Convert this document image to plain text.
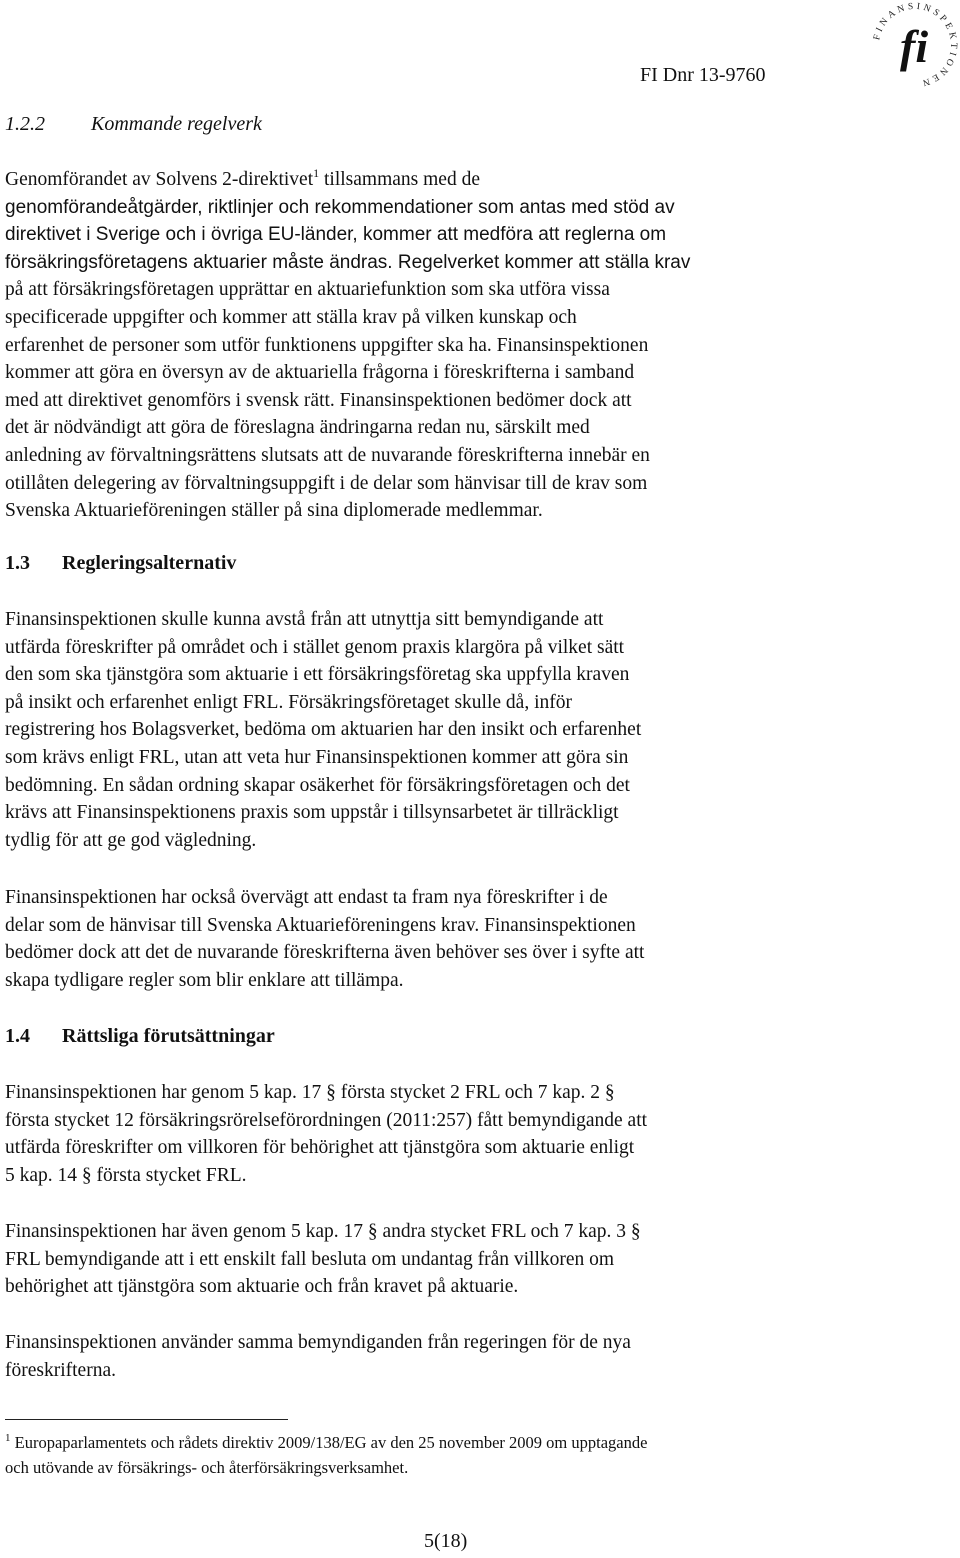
FI Dnr 13-9760
FINANSINSPEKTIONEN
fi
1.2.2 Kommande regelverk
Genomförandet av Solvens 2-direktivet$^1$ tillsammans med de
genomförandeåtgärder, riktlinjer och rekommendationer som antas med stöd av
direktivet i Sverige och i övriga EU-länder, kommer att medföra att reglerna om
försäkringsföretagens aktuarier måste ändras. Regelverket kommer att ställa krav
på att försäkringsföretagen upprättar en aktuariefunktion som ska utföra vissa
specificerade uppgifter och kommer att ställa krav på vilken kunskap och
erfarenhet de personer som utför funktionens uppgifter ska ha. Finansinspektionen
kommer att göra en översyn av de aktuariella frågorna i föreskrifterna i samband
med att direktivet genomförs i svensk rätt. Finansinspektionen bedömer dock att
det är nödvändigt att göra de föreslagna ändringarna redan nu, särskilt med
anledning av förvaltningsrättens slutsats att de nuvarande föreskrifterna innebär en
otillåten delegering av förvaltningsuppgift i de delar som hänvisar till de krav som
Svenska Aktuarieföreningen ställer på sina diplomerade medlemmar.
1.3 Regleringsalternativ
Finansinspektionen skulle kunna avstå från att utnyttja sitt bemyndigande att
utfärda föreskrifter på området och i stället genom praxis klargöra på vilket sätt
den som ska tjänstgöra som aktuarie i ett försäkringsföretag ska uppfylla kraven
på insikt och erfarenhet enligt FRL. Försäkringsföretaget skulle då, inför
registrering hos Bolagsverket, bedöma om aktuarien har den insikt och erfarenhet
som krävs enligt FRL, utan att veta hur Finansinspektionen kommer att göra sin
bedömning. En sådan ordning skapar osäkerhet för försäkringsföretagen och det
krävs att Finansinspektionens praxis som uppstår i tillsynsarbetet är tillräckligt
tydlig för att ge god vägledning.
Finansinspektionen har också övervägt att endast ta fram nya föreskrifter i de
delar som de hänvisar till Svenska Aktuarieföreningens krav. Finansinspektionen
bedömer dock att det de nuvarande föreskrifterna även behöver ses över i syfte att
skapa tydligare regler som blir enklare att tillämpa.
1.4 Rättsliga förutsättningar
Finansinspektionen har genom 5 kap. 17 § första stycket 2 FRL och 7 kap. 2 §
första stycket 12 försäkringsrörelseförordningen (2011:257) fått bemyndigande att
utfärda föreskrifter om villkoren för behörighet att tjänstgöra som aktuarie enligt
5 kap. 14 § första stycket FRL.
Finansinspektionen har även genom 5 kap. 17 § andra stycket FRL och 7 kap. 3 §
FRL bemyndigande att i ett enskilt fall besluta om undantag från villkoren om
behörighet att tjänstgöra som aktuarie och från kravet på aktuarie.
Finansinspektionen använder samma bemyndiganden från regeringen för de nya
föreskrifterna.
$^1$ Europaparlamentets och rådets direktiv 2009/138/EG av den 25 november 2009 om upptagande
och utövande av försäkrings- och återförsäkringsverksamhet.
5(18)
